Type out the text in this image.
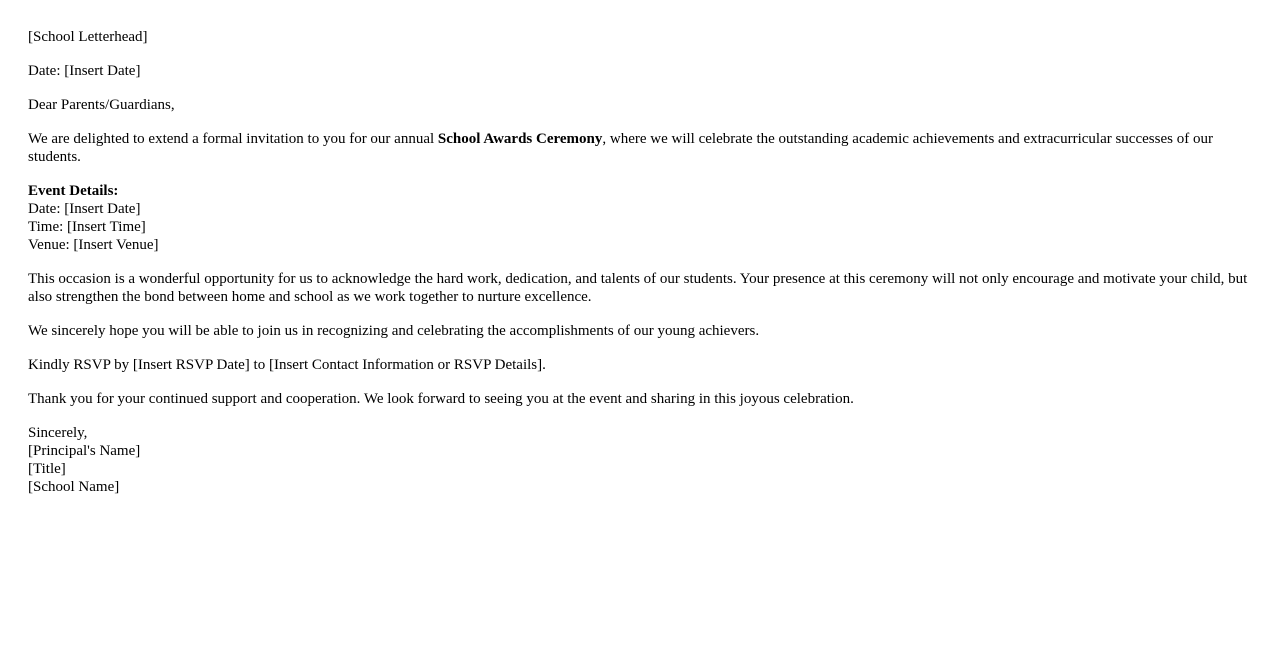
[School Letterhead]

Date: [Insert Date]

Dear Parents/Guardians,

We are delighted to extend a formal invitation to you for our annual School Awards Ceremony, where we will celebrate the outstanding academic achievements and extracurricular successes of our students.

Event Details:
Date: [Insert Date]
Time: [Insert Time]
Venue: [Insert Venue]

This occasion is a wonderful opportunity for us to acknowledge the hard work, dedication, and talents of our students. Your presence at this ceremony will not only encourage and motivate your child, but also strengthen the bond between home and school as we work together to nurture excellence.

We sincerely hope you will be able to join us in recognizing and celebrating the accomplishments of our young achievers.

Kindly RSVP by [Insert RSVP Date] to [Insert Contact Information or RSVP Details].

Thank you for your continued support and cooperation. We look forward to seeing you at the event and sharing in this joyous celebration.

Sincerely,
[Principal's Name]
[Title]
[School Name]
